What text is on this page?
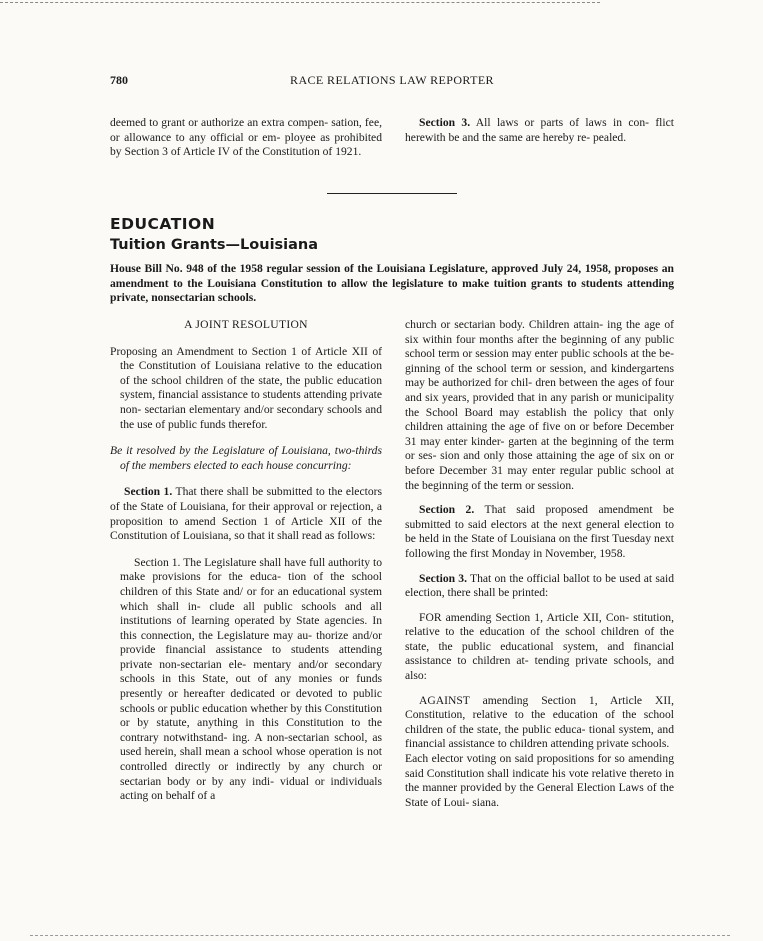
780	RACE RELATIONS LAW REPORTER

deemed to grant or authorize an extra compen- sation, fee, or allowance to any official or em- ployee as prohibited by Section 3 of Article IV of the Constitution of 1921.

Section 3. All laws or parts of laws in con- flict herewith be and the same are hereby re- pealed.

EDUCATION
Tuition Grants—Louisiana
House Bill No. 948 of the 1958 regular session of the Louisiana Legislature, approved July 24, 1958, proposes an amendment to the Louisiana Constitution to allow the legislature to make tuition grants to students attending private, nonsectarian schools.

A JOINT RESOLUTION

Proposing an Amendment to Section 1 of Article XII of the Constitution of Louisiana relative to the education of the school children of the state, the public education system, financial assistance to students attending private non- sectarian elementary and/or secondary schools and the use of public funds therefor.

Be it resolved by the Legislature of Louisiana, two-thirds of the members elected to each house concurring:

Section 1. That there shall be submitted to the electors of the State of Louisiana, for their approval or rejection, a proposition to amend Section 1 of Article XII of the Constitution of Louisiana, so that it shall read as follows:

Section 1. The Legislature shall have full authority to make provisions for the educa- tion of the school children of this State and/ or for an educational system which shall in- clude all public schools and all institutions of learning operated by State agencies. In this connection, the Legislature may au- thorize and/or provide financial assistance to students attending private non-sectarian ele- mentary and/or secondary schools in this State, out of any monies or funds presently or hereafter dedicated or devoted to public schools or public education whether by this Constitution or by statute, anything in this Constitution to the contrary notwithstand- ing. A non-sectarian school, as used herein, shall mean a school whose operation is not controlled directly or indirectly by any church or sectarian body or by any indi- vidual or individuals acting on behalf of a

church or sectarian body. Children attain- ing the age of six within four months after the beginning of any public school term or session may enter public schools at the be- ginning of the school term or session, and kindergartens may be authorized for chil- dren between the ages of four and six years, provided that in any parish or municipality the School Board may establish the policy that only children attaining the age of five on or before December 31 may enter kinder- garten at the beginning of the term or ses- sion and only those attaining the age of six on or before December 31 may enter regular public school at the beginning of the term or session.

Section 2. That said proposed amendment be submitted to said electors at the next general election to be held in the State of Louisiana on the first Tuesday next following the first Monday in November, 1958.

Section 3. That on the official ballot to be used at said election, there shall be printed:

FOR amending Section 1, Article XII, Con- stitution, relative to the education of the school children of the state, the public educational system, and financial assistance to children at- tending private schools, and also:

AGAINST amending Section 1, Article XII, Constitution, relative to the education of the school children of the state, the public educa- tional system, and financial assistance to children attending private schools.

Each elector voting on said propositions for so amending said Constitution shall indicate his vote relative thereto in the manner provided by the General Election Laws of the State of Loui- siana.
